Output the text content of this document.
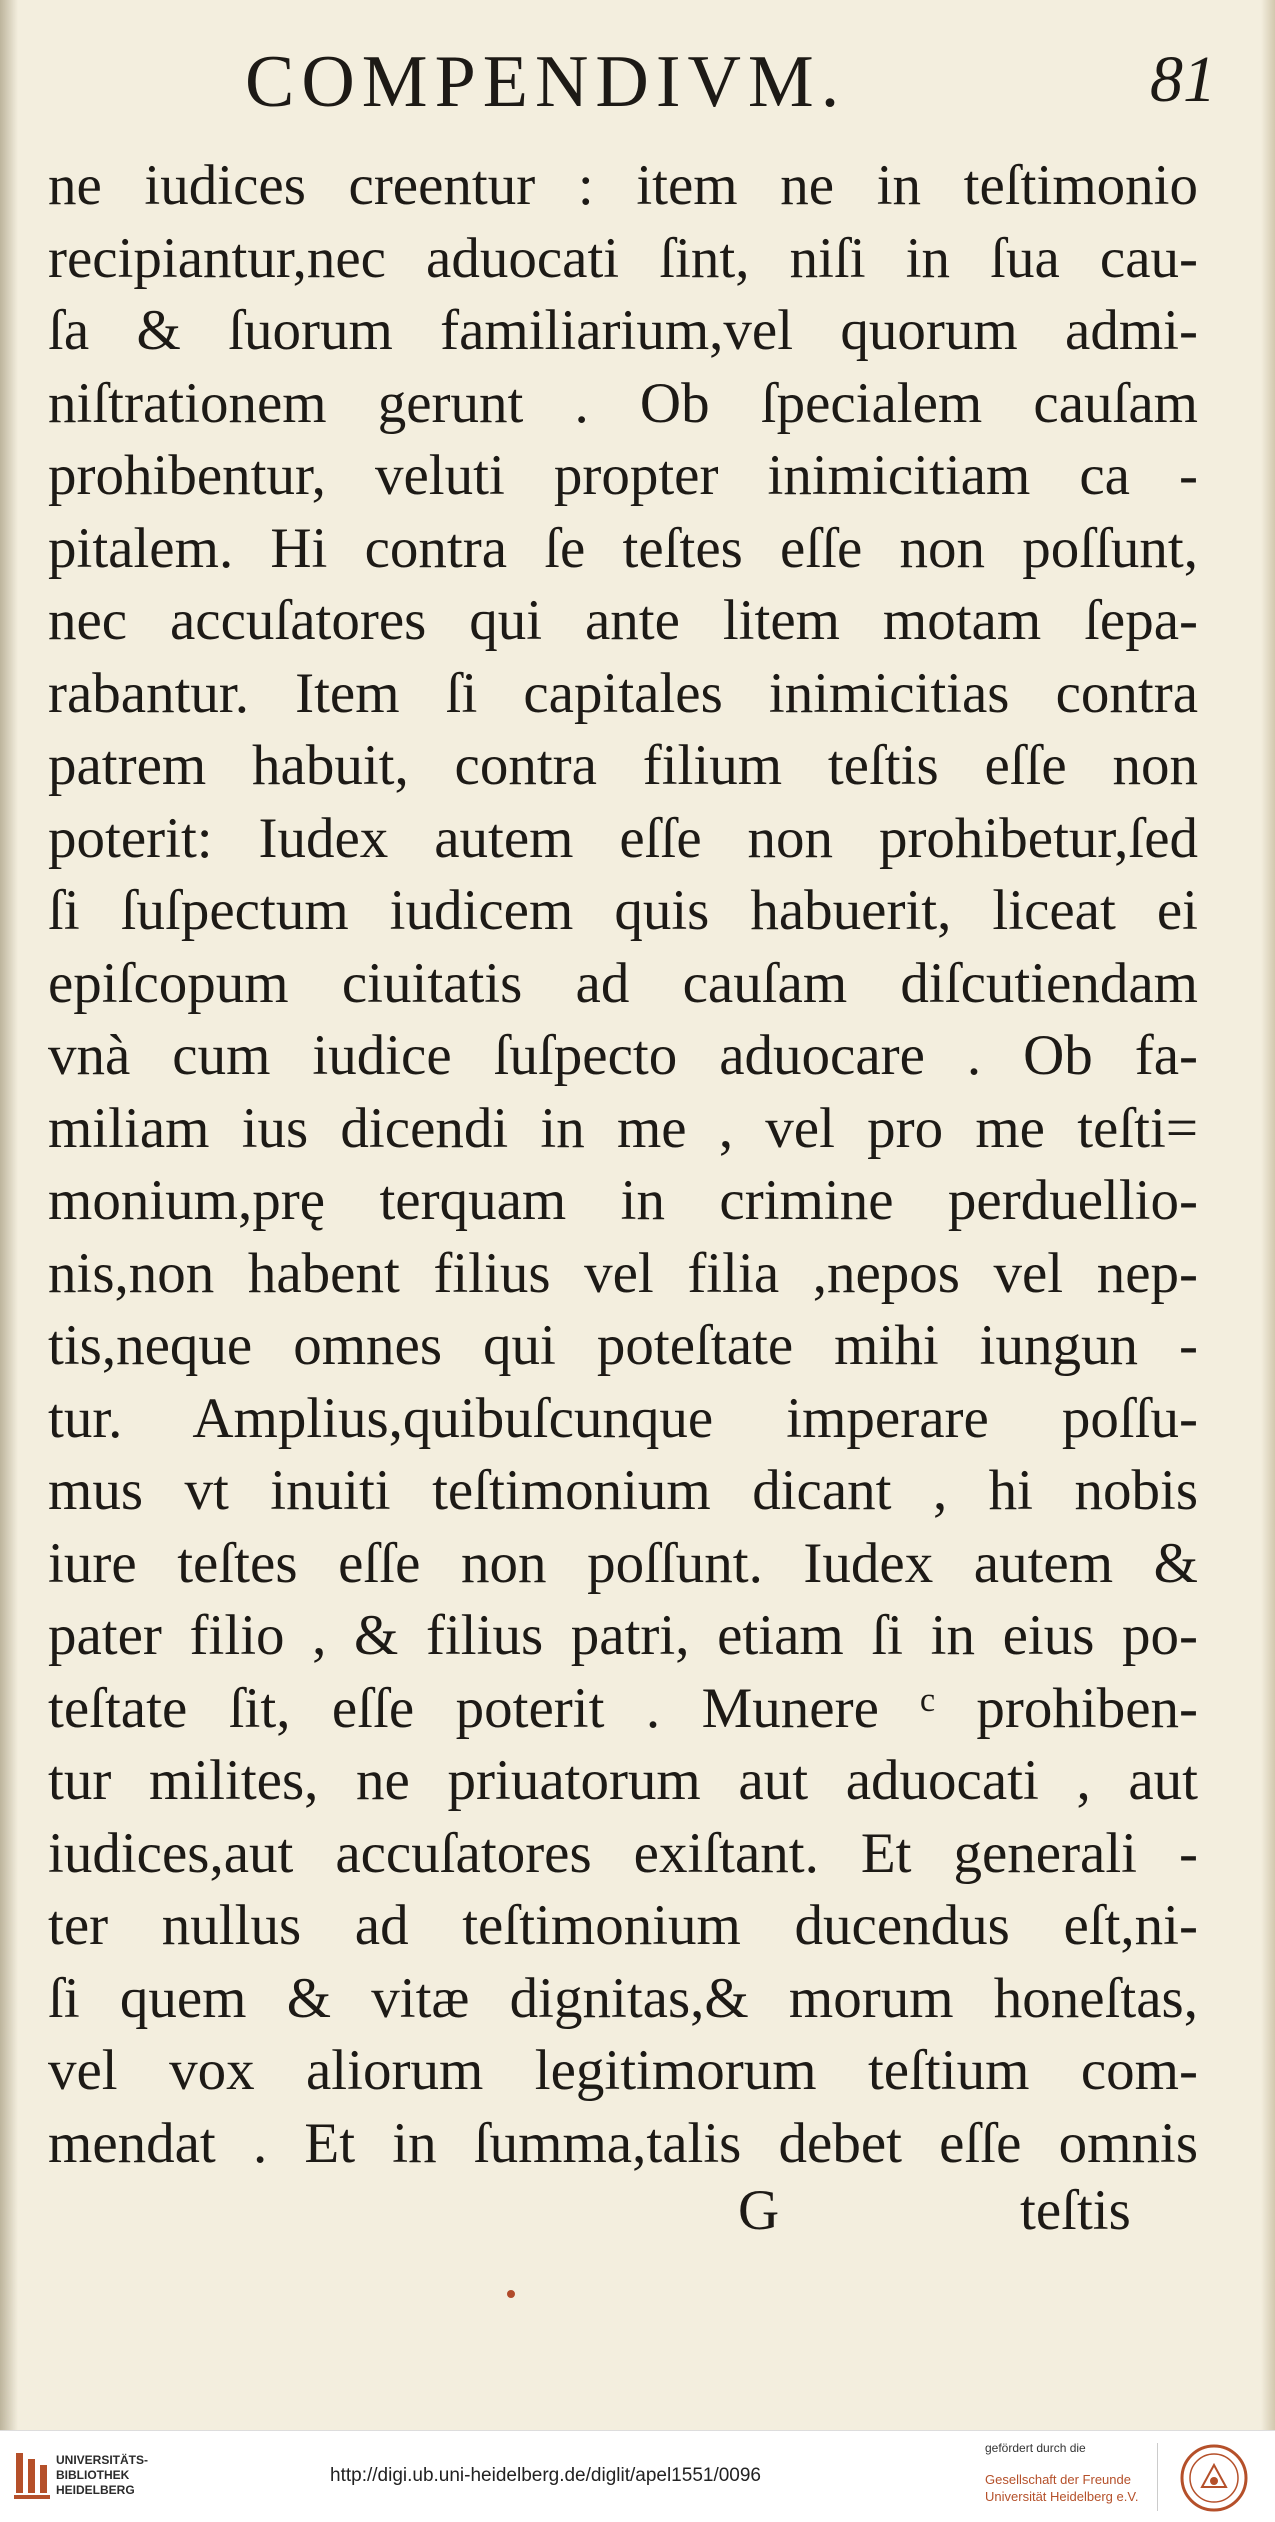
COMPENDIVM.	81
ne iudices creentur : item ne in teſtimonio
recipiantur,nec aduocati ſint, niſi in ſua cau-
ſa & ſuorum familiarium,vel quorum admi-
niſtrationem gerunt . Ob ſpecialem cauſam
prohibentur, veluti propter inimicitiam ca -
pitalem. Hi contra ſe teſtes eſſe non poſſunt,
nec accuſatores qui ante litem motam ſepa-
rabantur. Item ſi capitales inimicitias contra
patrem habuit, contra filium teſtis eſſe non
poterit: Iudex autem eſſe non prohibetur,ſed
ſi ſuſpectum iudicem quis habuerit, liceat ei
epiſcopum ciuitatis ad cauſam diſcutiendam
vnà cum iudice ſuſpecto aduocare . Ob fa-
miliam ius dicendi in me , vel pro me teſti=
monium,prę terquam in crimine perduellio-
nis,non habent filius vel filia ,nepos vel nep-
tis,neque omnes qui poteſtate mihi iungun -
tur. Amplius,quibuſcunque imperare poſſu-
mus vt inuiti teſtimonium dicant , hi nobis
iure teſtes eſſe non poſſunt. Iudex autem &
pater filio , & filius patri, etiam ſi in eius po-
teſtate ſit, eſſe poterit . Munere ᶜ prohiben-
tur milites, ne priuatorum aut aduocati , aut
iudices,aut accuſatores exiſtant. Et generali -
ter nullus ad teſtimonium ducendus eſt,ni-
ſi quem & vitæ dignitas,& morum honeſtas,
vel vox aliorum legitimorum teſtium com-
mendat . Et in ſumma,talis debet eſſe omnis
G	teſtis
UNIVERSITÄTS-
BIBLIOTHEK
HEIDELBERG
http://digi.ub.uni-heidelberg.de/diglit/apel1551/0096
gefördert durch die
Gesellschaft der Freunde
Universität Heidelberg e.V.
